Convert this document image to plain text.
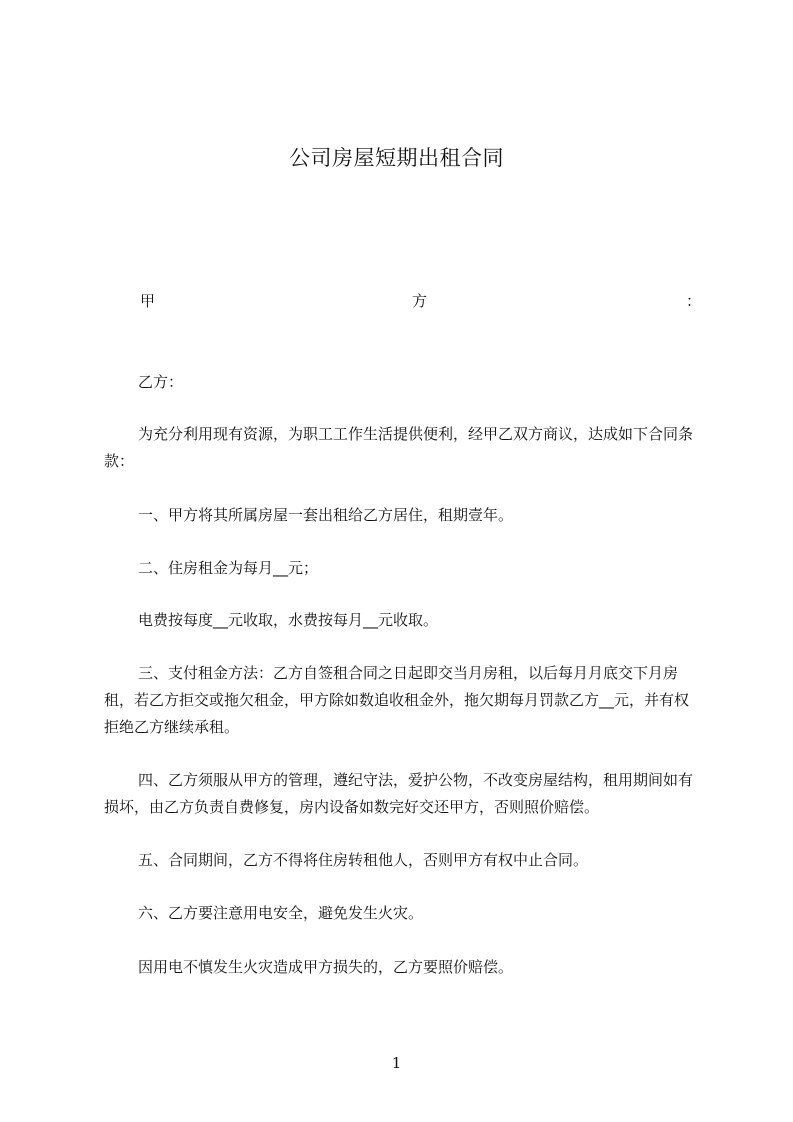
公司房屋短期出租合同
甲	方	：

乙方：

为充分利用现有资源，为职工工作生活提供便利，经甲乙双方商议，达成如下合同条款：

一、甲方将其所属房屋一套出租给乙方居住，租期壹年。

二、住房租金为每月__元；

电费按每度__元收取，水费按每月__元收取。

三、支付租金方法：乙方自签租合同之日起即交当月房租，以后每月月底交下月房租，若乙方拒交或拖欠租金，甲方除如数追收租金外，拖欠期每月罚款乙方__元，并有权拒绝乙方继续承租。

四、乙方须服从甲方的管理，遵纪守法，爱护公物，不改变房屋结构，租用期间如有损坏，由乙方负责自费修复，房内设备如数完好交还甲方，否则照价赔偿。

五、合同期间，乙方不得将住房转租他人，否则甲方有权中止合同。

六、乙方要注意用电安全，避免发生火灾。

因用电不慎发生火灾造成甲方损失的，乙方要照价赔偿。

1
